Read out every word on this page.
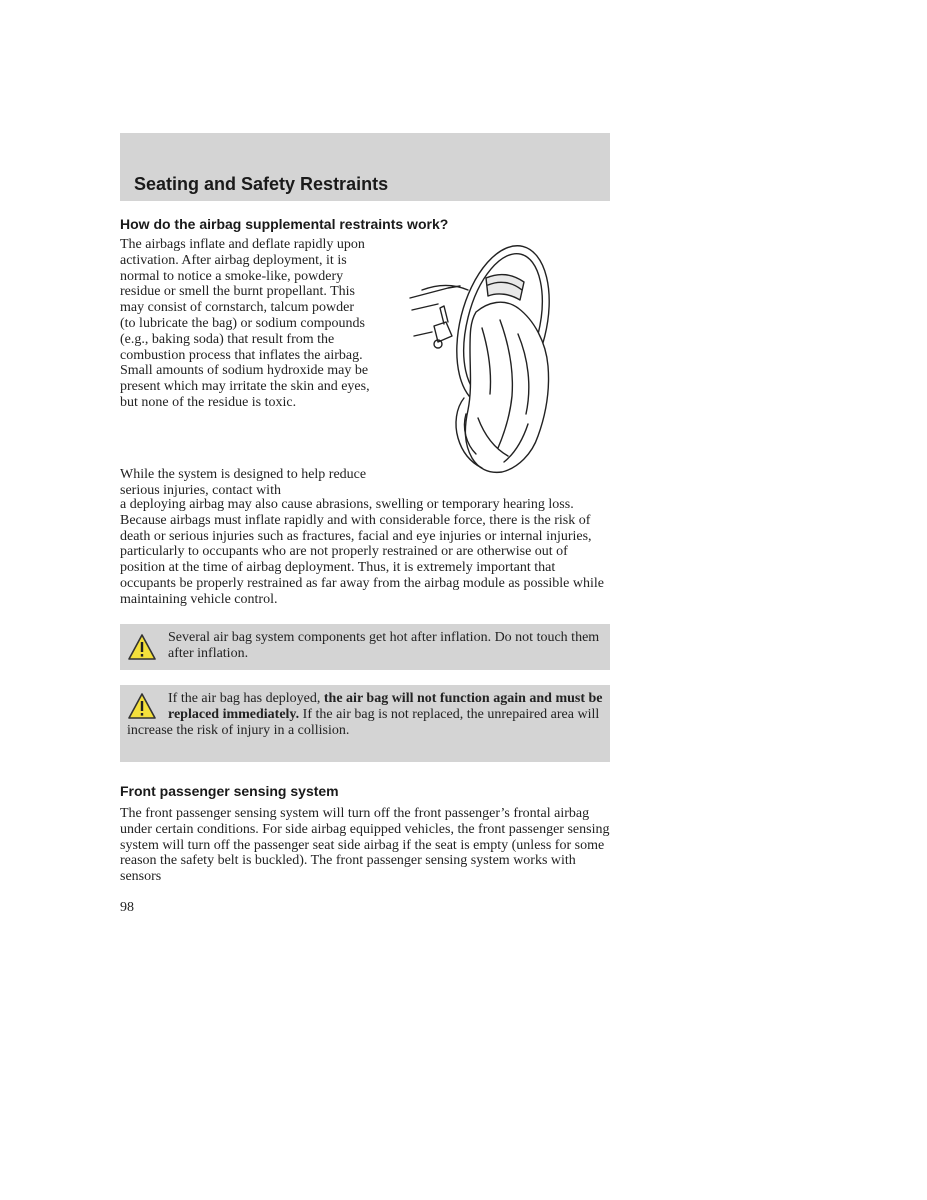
Seating and Safety Restraints
How do the airbag supplemental restraints work?

The airbags inflate and deflate rapidly upon activation. After airbag deployment, it is normal to notice a smoke-like, powdery residue or smell the burnt propellant. This may consist of cornstarch, talcum powder (to lubricate the bag) or sodium compounds (e.g., baking soda) that result from the combustion process that inflates the airbag. Small amounts of sodium hydroxide may be present which may irritate the skin and eyes, but none of the residue is toxic.

While the system is designed to help reduce serious injuries, contact with

a deploying airbag may also cause abrasions, swelling or temporary hearing loss. Because airbags must inflate rapidly and with considerable force, there is the risk of death or serious injuries such as fractures, facial and eye injuries or internal injuries, particularly to occupants who are not properly restrained or are otherwise out of position at the time of airbag deployment. Thus, it is extremely important that occupants be properly restrained as far away from the airbag module as possible while maintaining vehicle control.

Several air bag system components get hot after inflation. Do not touch them after inflation.

If the air bag has deployed, the air bag will not function again and must be replaced immediately. If the air bag is not replaced, the unrepaired area will increase the risk of injury in a collision.

Front passenger sensing system

The front passenger sensing system will turn off the front passenger’s frontal airbag under certain conditions. For side airbag equipped vehicles, the front passenger sensing system will turn off the passenger seat side airbag if the seat is empty (unless for some reason the safety belt is buckled). The front passenger sensing system works with sensors

98
